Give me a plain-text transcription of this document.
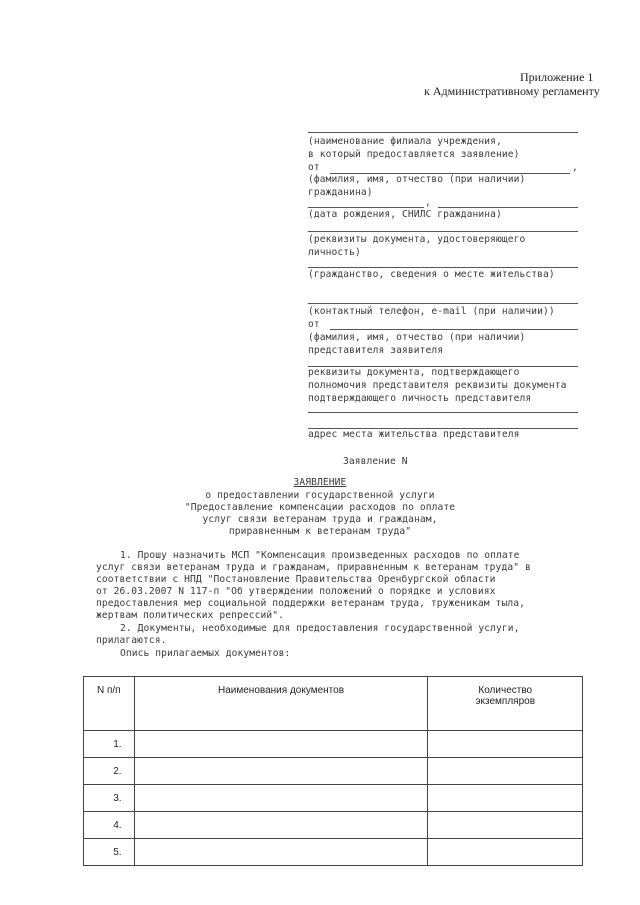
Приложение 1
к Административному регламенту
(наименование филиала учреждения,
в который предоставляется заявление)
от	,
(фамилия, имя, отчество (при наличии)
гражданина)
,
(дата рождения, СНИЛС гражданина)
(реквизиты документа, удостоверяющего
личность)
(гражданство, сведения о месте жительства)
(контактный телефон, e-mail (при наличии))
от
(фамилия, имя, отчество (при наличии)
представителя заявителя
реквизиты документа, подтверждающего
полномочия представителя реквизиты документа
подтверждающего личность представителя
адрес места жительства представителя
Заявление N
ЗАЯВЛЕНИЕ
о предоставлении государственной услуги
"Предоставление компенсации расходов по оплате
услуг связи ветеранам труда и гражданам,
приравненным к ветеранам труда"
1. Прошу назначить МСП "Компенсация произведенных расходов по оплате
услуг связи ветеранам труда и гражданам, приравненным к ветеранам труда" в
соответствии с НПД "Постановление Правительства Оренбургской области
от 26.03.2007 N 117-п "Об утверждении положений о порядке и условиях
предоставления мер социальной поддержки ветеранам труда, труженикам тыла,
жертвам политических репрессий".
2. Документы, необходимые для предоставления государственной услуги,
прилагаются.
Опись прилагаемых документов:
N п/п	Наименования документов	Количество экземпляров
1.		
2.		
3.		
4.		
5.		
